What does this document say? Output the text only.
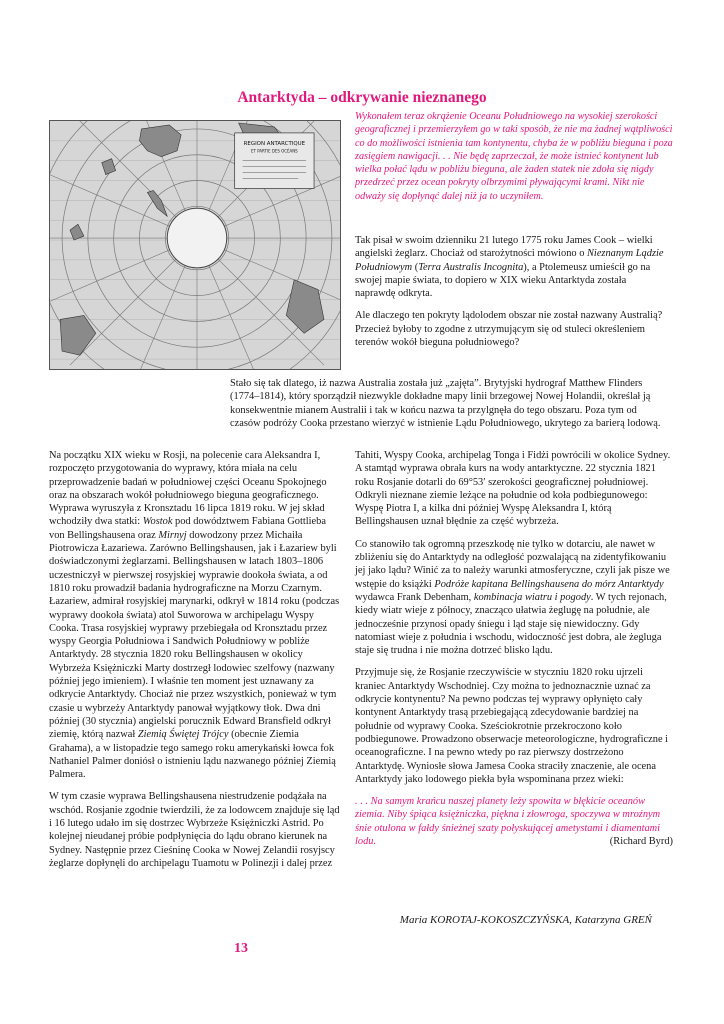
Antarktyda – odkrywanie nieznanego
REGION ANTARCTIQUE
ET PARTIE DES OCÉANS
Wykonałem teraz okrążenie Oceanu Południowego na wysokiej szerokości geograficznej i przemierzyłem go w taki sposób, że nie ma żadnej wątpliwości co do możliwości istnienia tam kontynentu, chyba że w pobliżu bieguna i poza zasięgiem nawigacji. . . Nie będę zaprzeczał, że może istnieć kontynent lub wielka połać lądu w pobliżu bieguna, ale żaden statek nie zdoła się nigdy przedrzeć przez ocean pokryty olbrzymimi pływającymi krami. Nikt nie odważy się dopłynąć dalej niż ja to uczyniłem.

Tak pisał w swoim dzienniku 21 lutego 1775 roku James Cook – wielki angielski żeglarz. Chociaż od starożytności mówiono o Nieznanym Lądzie Południowym (Terra Australis Incognita), a Ptolemeusz umieścił go na swojej mapie świata, to dopiero w XIX wieku Antarktyda została naprawdę odkryta.

Ale dlaczego ten pokryty lądolodem obszar nie został nazwany Australią? Przecież byłoby to zgodne z utrzymującym się od stuleci określeniem terenów wokół bieguna południowego?

Stało się tak dlatego, iż nazwa Australia została już „zajęta”. Brytyjski hydrograf Matthew Flinders (1774–1814), który sporządził niezwykle dokładne mapy linii brzegowej Nowej Holandii, określał ją konsekwentnie mianem Australii i tak w końcu nazwa ta przylgnęła do tego obszaru. Poza tym od czasów podróży Cooka przestano wierzyć w istnienie Lądu Południowego, ukrytego za barierą lodową.

Na początku XIX wieku w Rosji, na polecenie cara Aleksandra I, rozpoczęto przygotowania do wyprawy, która miała na celu przeprowadzenie badań w południowej części Oceanu Spokojnego oraz na obszarach wokół południowego bieguna geograficznego. Wyprawa wyruszyła z Kronsztadu 16 lipca 1819 roku. W jej skład wchodziły dwa statki: Wostok pod dowództwem Fabiana Gottlieba von Bellingshausena oraz Mirnyj dowodzony przez Michaiła Piotrowicza Łazariewa. Zarówno Bellingshausen, jak i Łazariew byli doświadczonymi żeglarzami. Bellingshausen w latach 1803–1806 uczestniczył w pierwszej rosyjskiej wyprawie dookoła świata, a od 1810 roku prowadził badania hydrograficzne na Morzu Czarnym. Łazariew, admirał rosyjskiej marynarki, odkrył w 1814 roku (podczas wyprawy dookoła świata) atol Suworowa w archipelagu Wyspy Cooka. Trasa rosyjskiej wyprawy przebiegała od Kronsztadu przez wyspy Georgia Południowa i Sandwich Południowy w pobliże Antarktydy. 28 stycznia 1820 roku Bellingshausen w okolicy Wybrzeża Księżniczki Marty dostrzegł lodowiec szelfowy (nazwany później jego imieniem). I właśnie ten moment jest uznawany za odkrycie Antarktydy. Chociaż nie przez wszystkich, ponieważ w tym czasie u wybrzeży Antarktydy panował wyjątkowy tłok. Dwa dni później (30 stycznia) angielski porucznik Edward Bransfield odkrył ziemię, którą nazwał Ziemią Świętej Trójcy (obecnie Ziemia Grahama), a w listopadzie tego samego roku amerykański łowca fok Nathaniel Palmer doniósł o istnieniu lądu nazwanego później Ziemią Palmera.

W tym czasie wyprawa Bellingshausena niestrudzenie podążała na wschód. Rosjanie zgodnie twierdzili, że za lodowcem znajduje się ląd i 16 lutego udało im się dostrzec Wybrzeże Księżniczki Astrid. Po kolejnej nieudanej próbie podpłynięcia do lądu obrano kierunek na Sydney. Następnie przez Cieśninę Cooka w Nowej Zelandii rosyjscy żeglarze dopłynęli do archipelagu Tuamotu w Polinezji i dalej przez

Tahiti, Wyspy Cooka, archipelag Tonga i Fidżi powrócili w okolice Sydney. A stamtąd wyprawa obrała kurs na wody antarktyczne. 22 stycznia 1821 roku Rosjanie dotarli do 69°53′ szerokości geograficznej południowej. Odkryli nieznane ziemie leżące na południe od koła podbiegunowego: Wyspę Piotra I, a kilka dni później Wyspę Aleksandra I, którą Bellingshausen uznał błędnie za część wybrzeża.

Co stanowiło tak ogromną przeszkodę nie tylko w dotarciu, ale nawet w zbliżeniu się do Antarktydy na odległość pozwalającą na zidentyfikowaniu jej jako lądu? Winić za to należy warunki atmosferyczne, czyli jak pisze we wstępie do książki Podróże kapitana Bellingshausena do mórz Antarktydy wydawca Frank Debenham, kombinacja wiatru i pogody. W tych rejonach, kiedy wiatr wieje z północy, znacząco ułatwia żeglugę na południe, ale jednocześnie przynosi opady śniegu i ląd staje się niewidoczny. Gdy natomiast wieje z południa i wschodu, widoczność jest dobra, ale żegluga staje się trudna i nie można dotrzeć blisko lądu.

Przyjmuje się, że Rosjanie rzeczywiście w styczniu 1820 roku ujrzeli kraniec Antarktydy Wschodniej. Czy można to jednoznacznie uznać za odkrycie kontynentu? Na pewno podczas tej wyprawy opłynięto cały kontynent Antarktydy trasą przebiegającą zdecydowanie bardziej na południe od wyprawy Cooka. Sześciokrotnie przekroczono koło podbiegunowe. Prowadzono obserwacje meteorologiczne, hydrograficzne i oceanograficzne. I na pewno wtedy po raz pierwszy dostrzeżono Antarktydę. Wyniosłe słowa Jamesa Cooka straciły znaczenie, ale ocena Antarktydy jako lodowego piekła była wspominana przez wieki:

. . . Na samym krańcu naszej planety leży spowita w błękicie oceanów ziemia. Niby śpiąca księżniczka, piękna i złowroga, spoczywa w mroźnym śnie otulona w fałdy śnieżnej szaty połyskującej ametystami i diamentami lodu.	(Richard Byrd)

Maria KOROTAJ-KOKOSZCZYŃSKA, Katarzyna GREŃ
13
